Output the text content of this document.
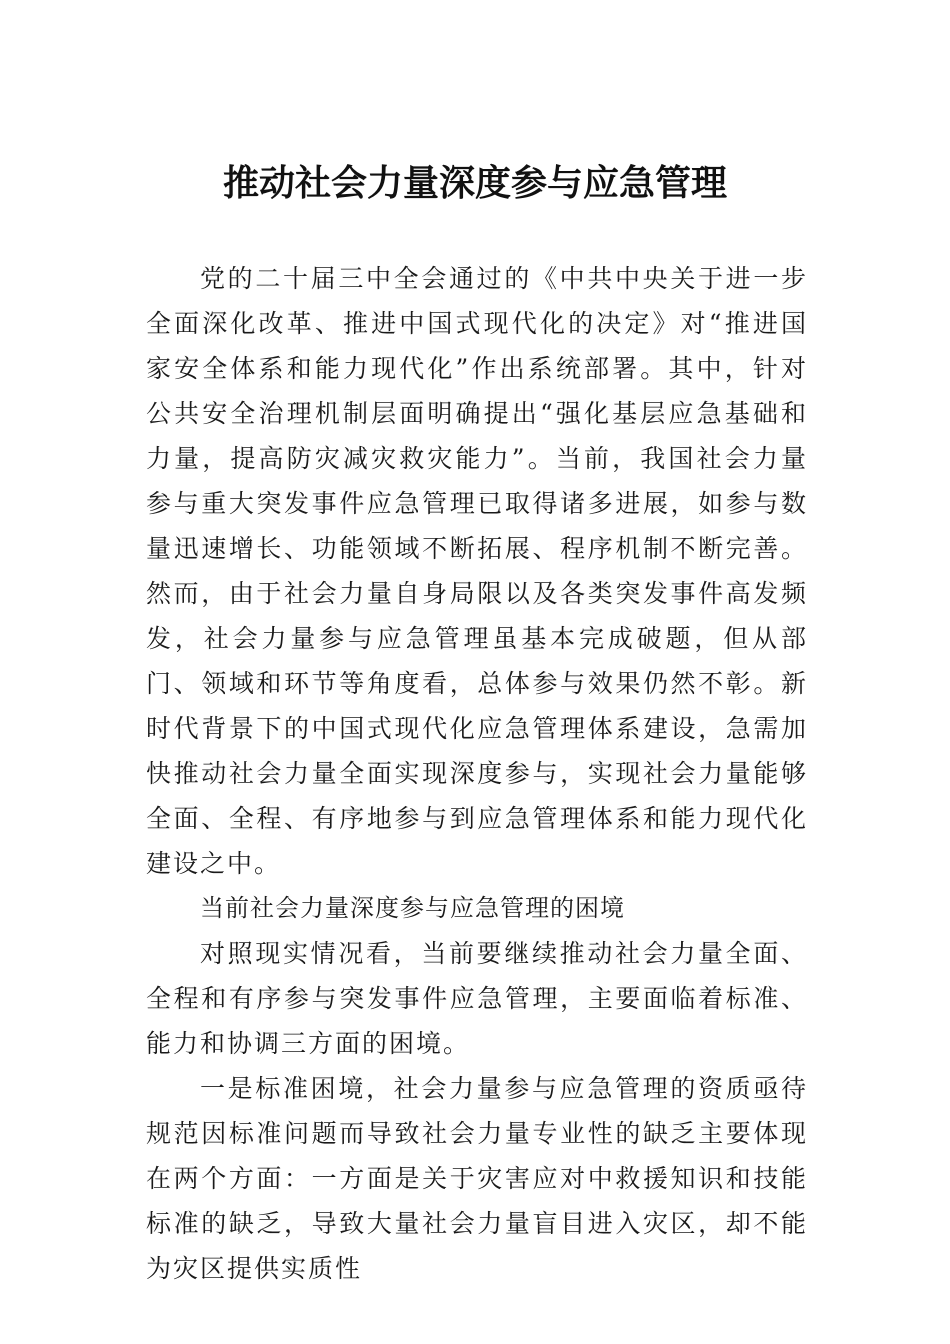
推动社会力量深度参与应急管理

党的二十届三中全会通过的《中共中央关于进一步全面深化改革、推进中国式现代化的决定》对“推进国家安全体系和能力现代化”作出系统部署。其中，针对公共安全治理机制层面明确提出“强化基层应急基础和力量，提高防灾减灾救灾能力”。当前，我国社会力量参与重大突发事件应急管理已取得诸多进展，如参与数量迅速增长、功能领域不断拓展、程序机制不断完善。然而，由于社会力量自身局限以及各类突发事件高发频发，社会力量参与应急管理虽基本完成破题，但从部门、领域和环节等角度看，总体参与效果仍然不彰。新时代背景下的中国式现代化应急管理体系建设，急需加快推动社会力量全面实现深度参与，实现社会力量能够全面、全程、有序地参与到应急管理体系和能力现代化建设之中。

当前社会力量深度参与应急管理的困境

对照现实情况看，当前要继续推动社会力量全面、全程和有序参与突发事件应急管理，主要面临着标准、能力和协调三方面的困境。

一是标准困境，社会力量参与应急管理的资质亟待规范因标准问题而导致社会力量专业性的缺乏主要体现在两个方面：一方面是关于灾害应对中救援知识和技能标准的缺乏，导致大量社会力量盲目进入灾区，却不能为灾区提供实质性
